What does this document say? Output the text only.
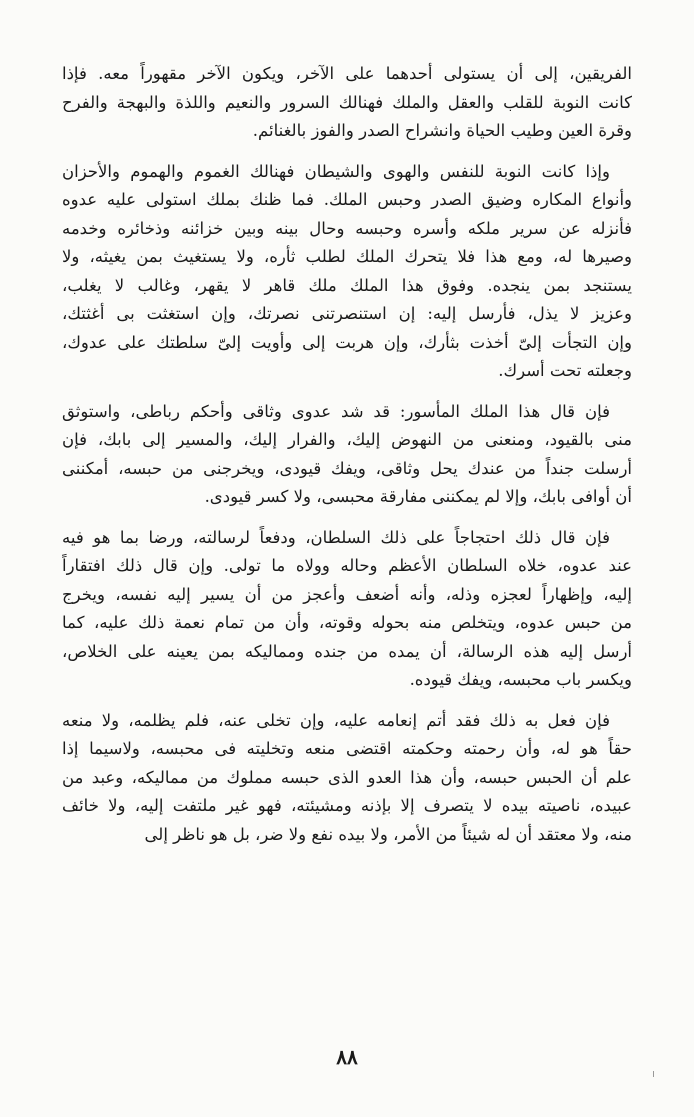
الفريقين، إلى أن يستولى أحدهما على الآخر، ويكون الآخر مقهوراً معه. فإذا
كانت النوبة للقلب والعقل والملك فهنالك السرور والنعيم واللذة والبهجة والفرح
وقرة العين وطيب الحياة وانشراح الصدر والفوز بالغنائم.
وإذا كانت النوبة للنفس والهوى والشيطان فهنالك الغموم والهموم والأحزان
وأنواع المكاره وضيق الصدر وحبس الملك. فما ظنك بملك استولى عليه عدوه
فأنزله عن سرير ملكه وأسره وحبسه وحال بينه وبين خزائنه وذخائره وخدمه
وصيرها له، ومع هذا فلا يتحرك الملك لطلب ثأره، ولا يستغيث بمن يغيثه، ولا
يستنجد بمن ينجده. وفوق هذا الملك ملك قاهر لا يقهر، وغالب لا يغلب،
وعزيز لا يذل، فأرسل إليه: إن استنصرتنى نصرتك، وإن استغثت بى أغثتك،
وإن التجأت إلىّ أخذت بثأرك، وإن هربت إلى وأويت إلىّ سلطتك على عدوك،
وجعلته تحت أسرك.
فإن قال هذا الملك المأسور: قد شد عدوى وثاقى وأحكم رباطى، واستوثق
منى بالقيود، ومنعنى من النهوض إليك، والفرار إليك، والمسير إلى بابك، فإن
أرسلت جنداً من عندك يحل وثاقى، ويفك قيودى، ويخرجنى من حبسه، أمكننى
أن أوافى بابك، وإلا لم يمكننى مفارقة محبسى، ولا كسر قيودى.
فإن قال ذلك احتجاجاً على ذلك السلطان، ودفعاً لرسالته، ورضا بما هو فيه
عند عدوه، خلاه السلطان الأعظم وحاله وولاه ما تولى. وإن قال ذلك افتقاراً
إليه، وإظهاراً لعجزه وذله، وأنه أضعف وأعجز من أن يسير إليه نفسه، ويخرج
من حبس عدوه، ويتخلص منه بحوله وقوته، وأن من تمام نعمة ذلك عليه، كما
أرسل إليه هذه الرسالة، أن يمده من جنده ومماليكه بمن يعينه على الخلاص،
ويكسر باب محبسه، ويفك قيوده.
فإن فعل به ذلك فقد أتم إنعامه عليه، وإن تخلى عنه، فلم يظلمه، ولا منعه
حقاً هو له، وأن رحمته وحكمته اقتضى منعه وتخليته فى محبسه، ولاسيما إذا
علم أن الحبس حبسه، وأن هذا العدو الذى حبسه مملوك من مماليكه، وعبد من
عبيده، ناصيته بيده لا يتصرف إلا بإذنه ومشيئته، فهو غير ملتفت إليه، ولا خائف
منه، ولا معتقد أن له شيئاً من الأمر، ولا بيده نفع ولا ضر، بل هو ناظر إلى
٨٨
